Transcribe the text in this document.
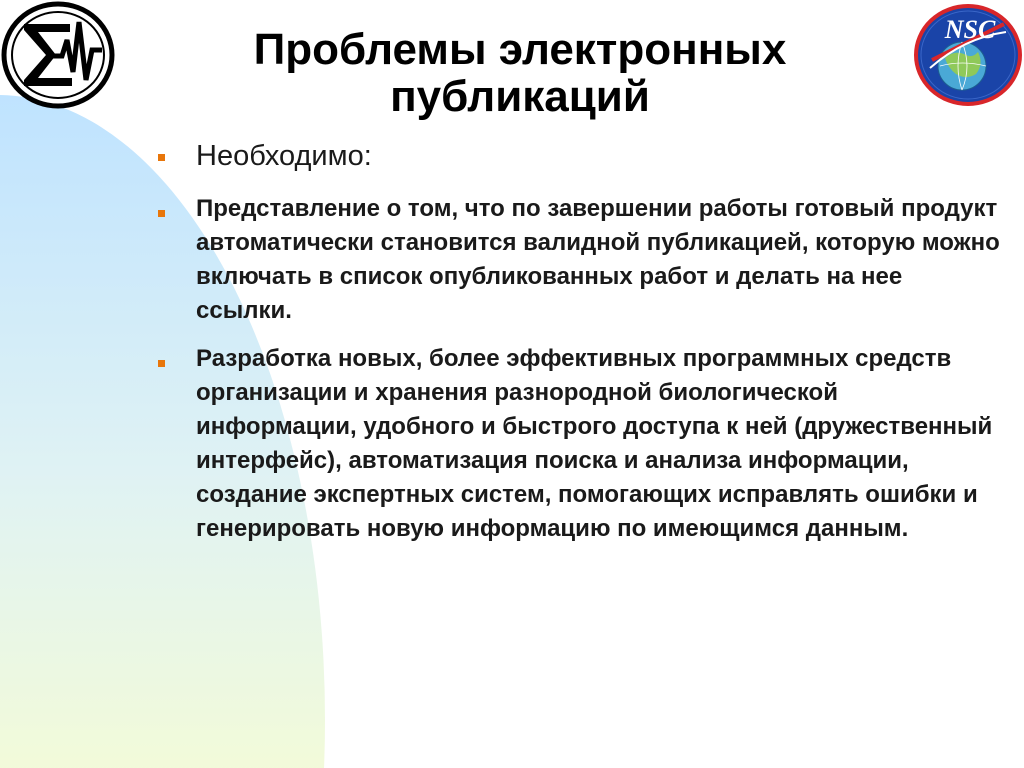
NSC
Проблемы электронных
публикаций
Необходимо:
Представление о том, что по завершении работы готовый продукт автоматически становится валидной публикацией, которую можно включать в список опубликованных работ и делать на нее ссылки.
Разработка новых, более эффективных программных средств организации и хранения разнородной биологической информации, удобного и быстрого доступа к ней (дружественный интерфейс), автоматизация поиска и анализа информации, создание экспертных систем, помогающих исправлять ошибки и генерировать новую информацию по имеющимся данным.
